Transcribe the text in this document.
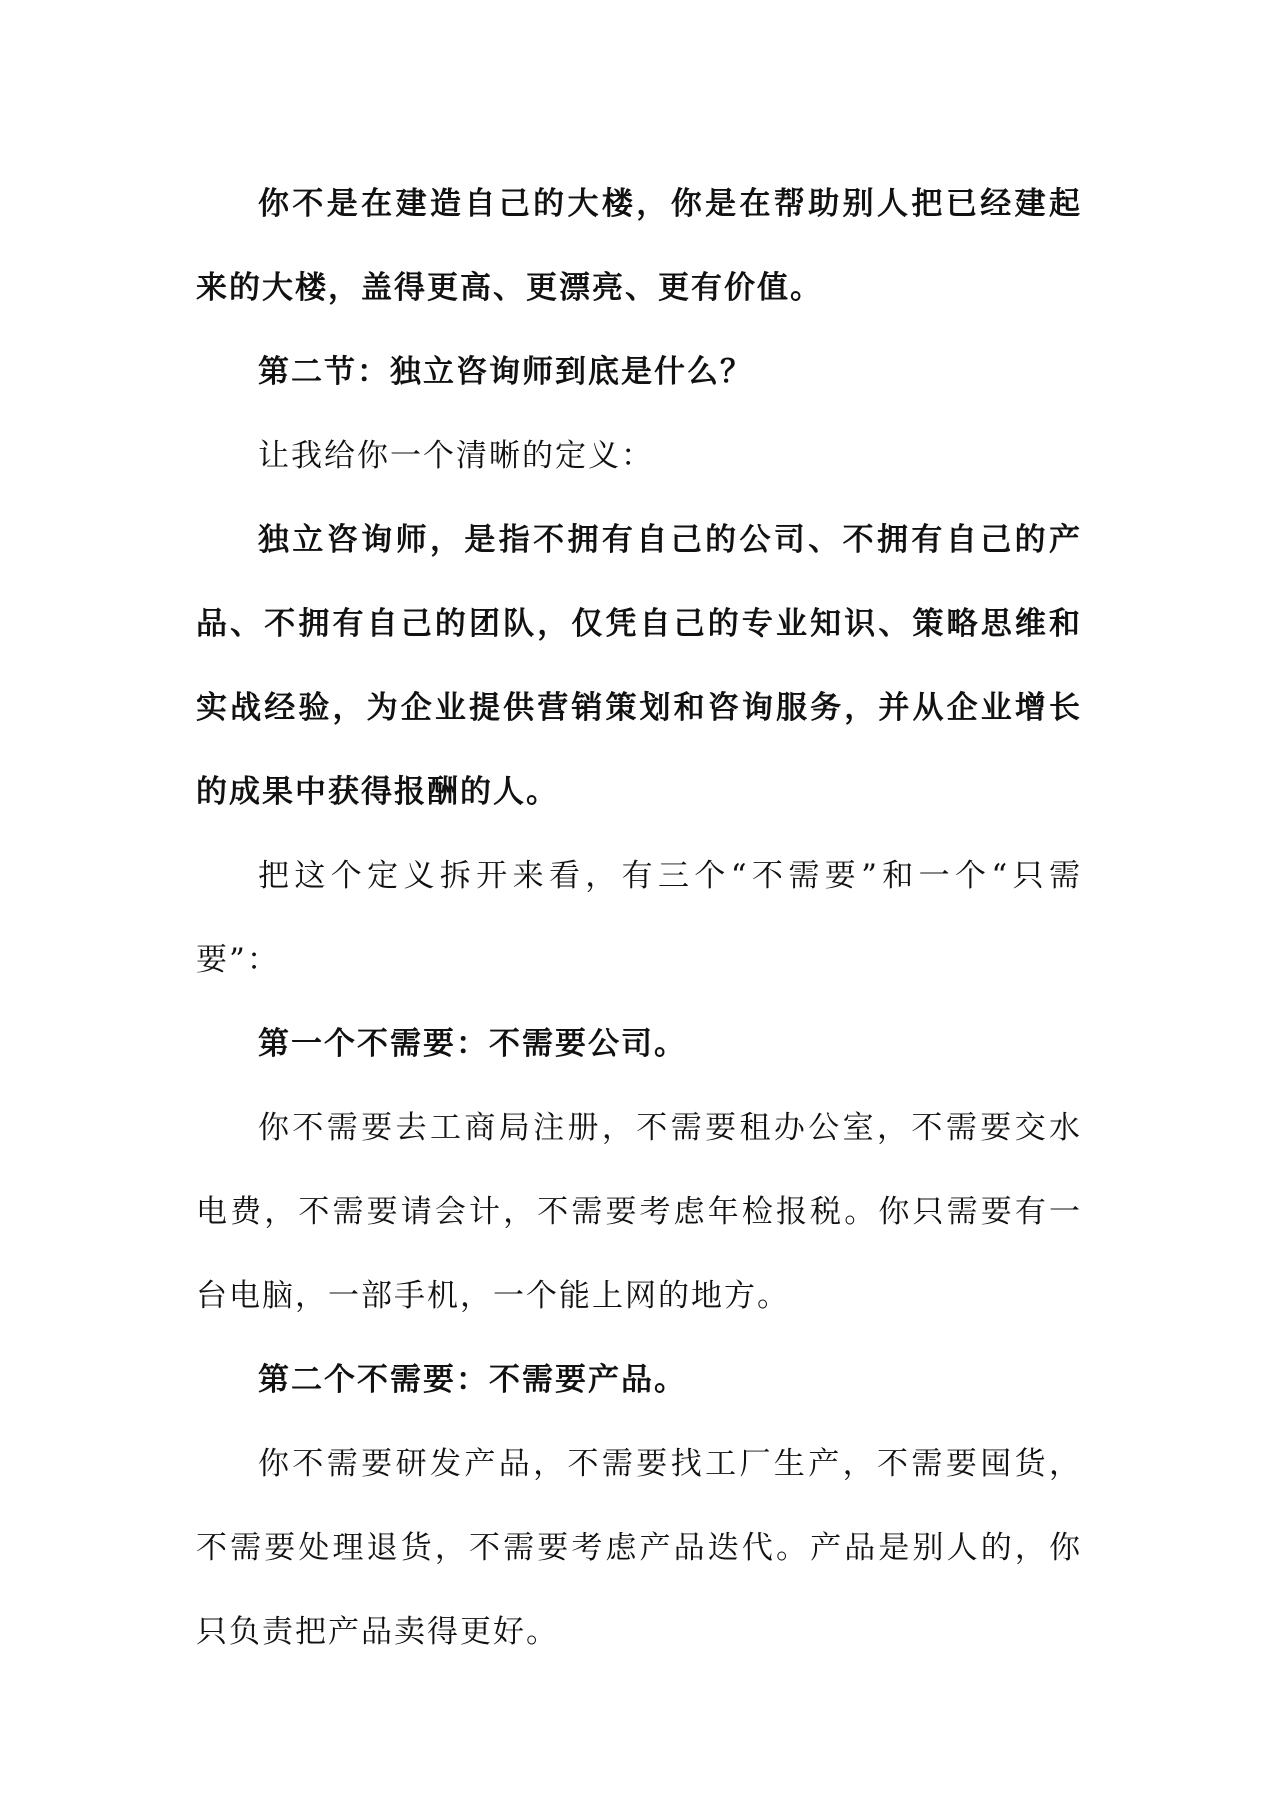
你不是在建造自己的大楼，你是在帮助别人把已经建起来的大楼，盖得更高、更漂亮、更有价值。

第二节：独立咨询师到底是什么？

让我给你一个清晰的定义：

独立咨询师，是指不拥有自己的公司、不拥有自己的产品、不拥有自己的团队，仅凭自己的专业知识、策略思维和实战经验，为企业提供营销策划和咨询服务，并从企业增长的成果中获得报酬的人。

把这个定义拆开来看，有三个“不需要”和一个“只需要”：

第一个不需要：不需要公司。

你不需要去工商局注册，不需要租办公室，不需要交水电费，不需要请会计，不需要考虑年检报税。你只需要有一台电脑，一部手机，一个能上网的地方。

第二个不需要：不需要产品。

你不需要研发产品，不需要找工厂生产，不需要囤货，不需要处理退货，不需要考虑产品迭代。产品是别人的，你只负责把产品卖得更好。
